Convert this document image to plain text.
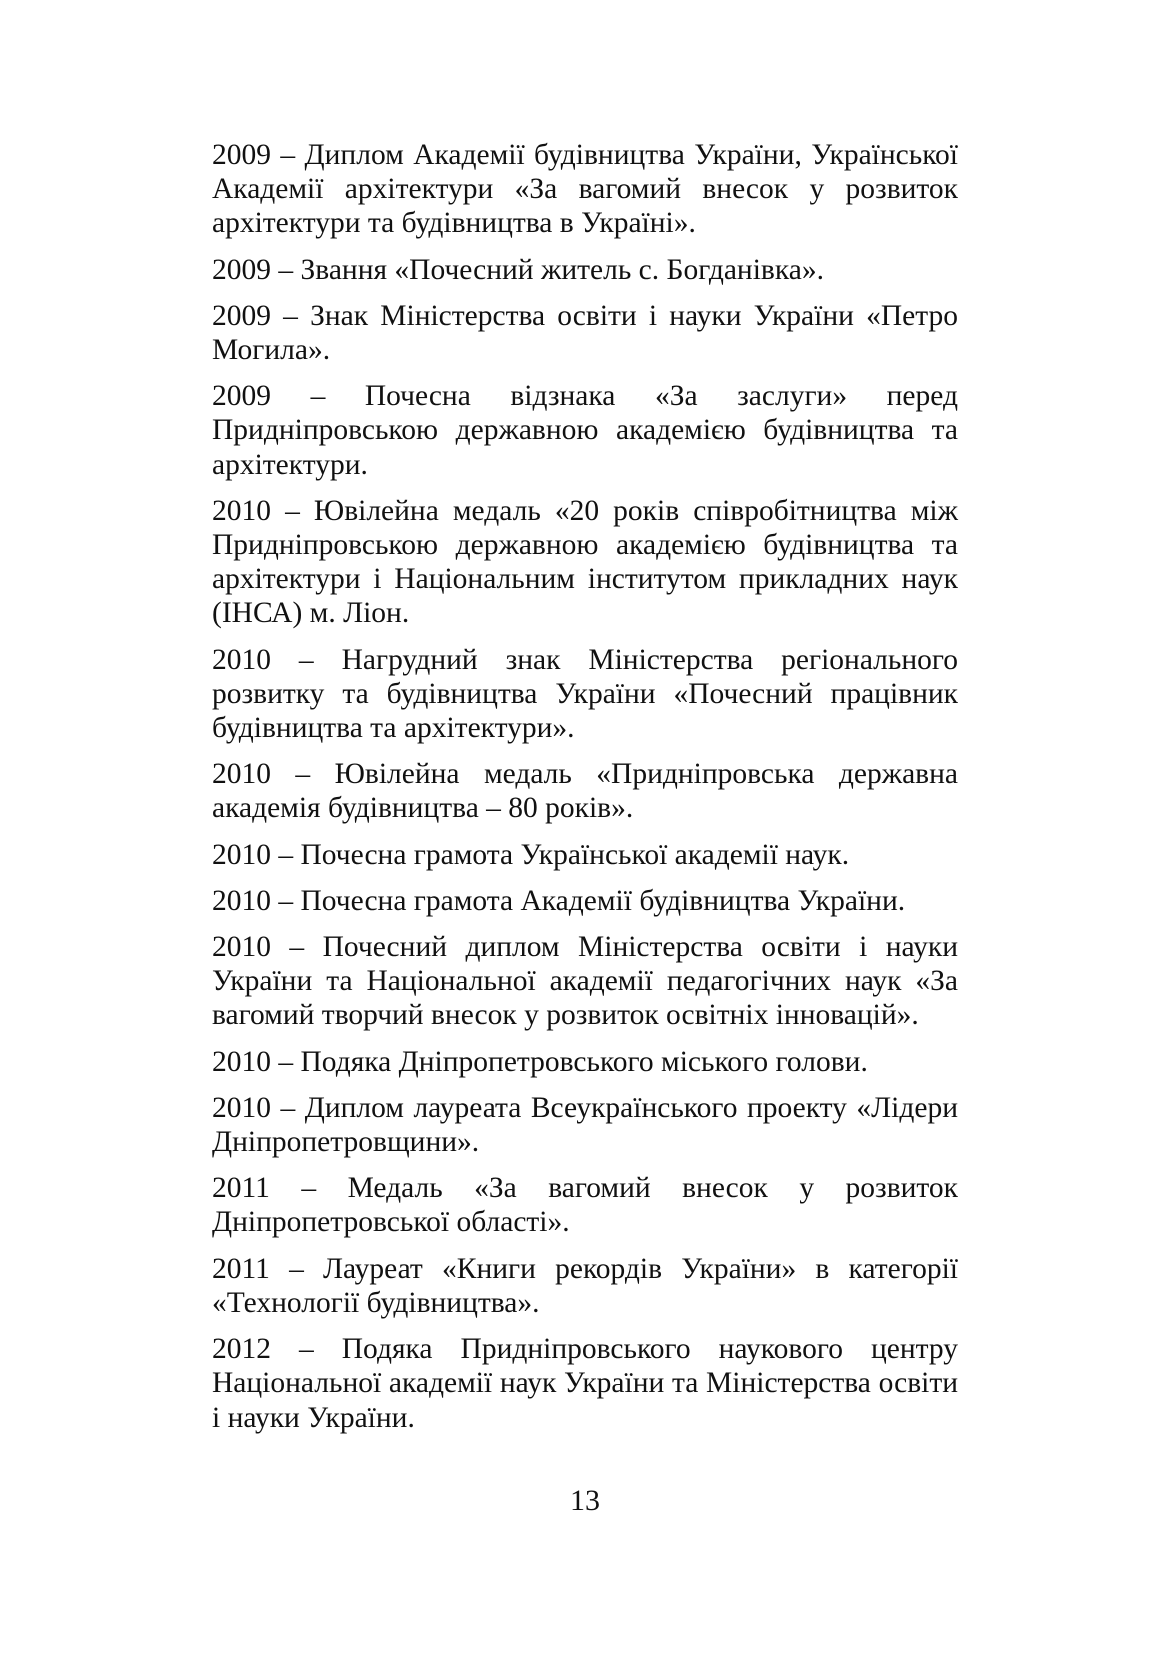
2009 – Диплом Академії будівництва України, Української Академії архітектури «За вагомий внесок у розвиток архітектури та будівництва в Україні».

2009 – Звання «Почесний житель с. Богданівка».

2009 – Знак Міністерства освіти і науки України «Петро Могила».

2009 – Почесна відзнака «За заслуги» перед Придніпровською державною академією будівництва та архітектури.

2010 – Ювілейна медаль «20 років співробітництва між Придніпровською державною академією будівництва та архітектури і Національним інститутом прикладних наук (ІНСА) м. Ліон.

2010 – Нагрудний знак Міністерства регіонального розвитку та будівництва України «Почесний працівник будівництва та архітектури».

2010 – Ювілейна медаль «Придніпровська державна академія будівництва – 80 років».

2010 – Почесна грамота Української академії наук.

2010 – Почесна грамота Академії будівництва України.

2010 – Почесний диплом Міністерства освіти і науки України та Національної академії педагогічних наук «За вагомий творчий внесок у розвиток освітніх інновацій».

2010 – Подяка Дніпропетровського міського голови.

2010 – Диплом лауреата Всеукраїнського проекту «Лідери Дніпропетровщини».

2011 – Медаль «За вагомий внесок у розвиток Дніпропетровської області».

2011 – Лауреат «Книги рекордів України» в категорії «Технології будівництва».

2012 – Подяка Придніпровського наукового центру Національної академії наук України та Міністерства освіти і науки України.

13
